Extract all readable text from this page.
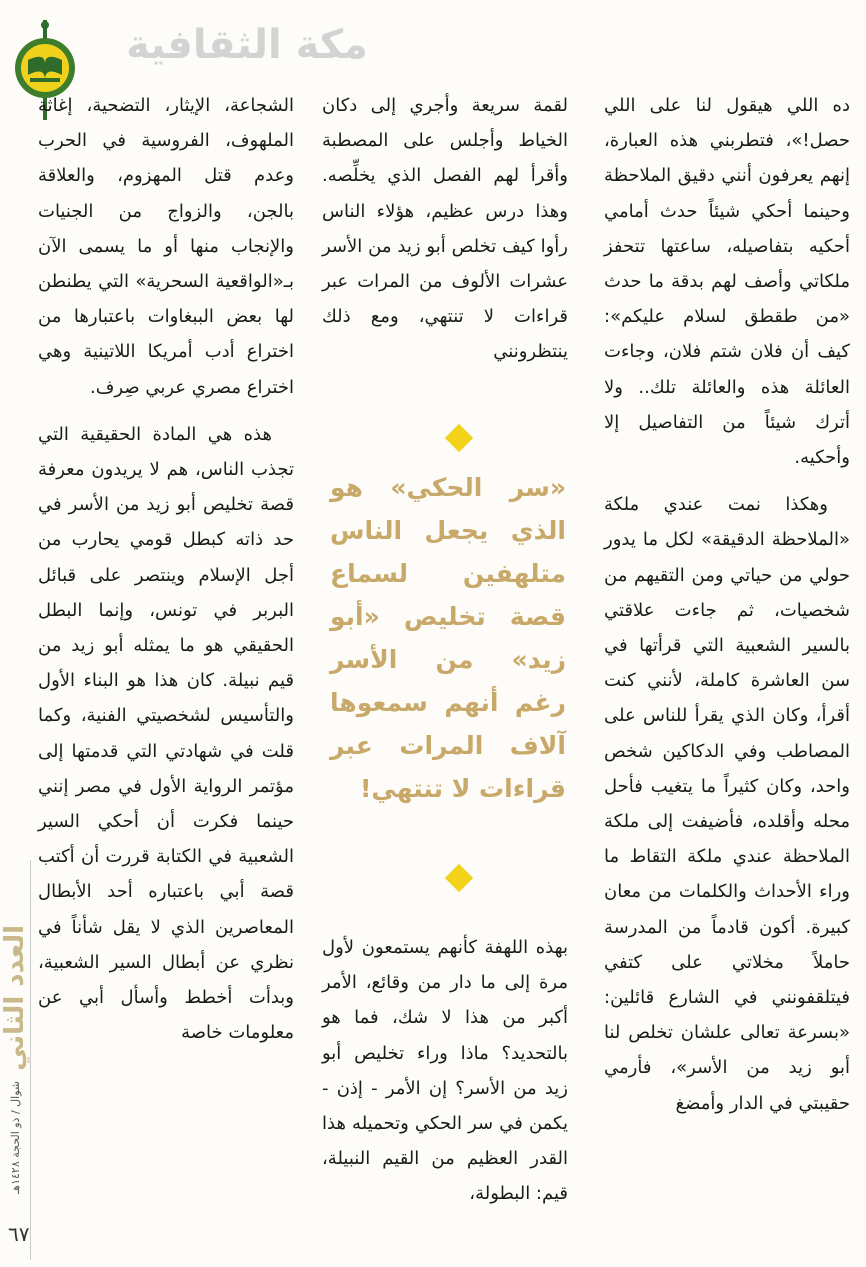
مكة الثقافية

ده اللي هيقول لنا على اللي حصل!»، فتطربني هذه العبارة، إنهم يعرفون أنني دقيق الملاحظة وحينما أحكي شيئاً حدث أمامي أحكيه بتفاصيله، ساعتها تتحفز ملكاتي وأصف لهم بدقة ما حدث «من طقطق لسلام عليكم»: كيف أن فلان شتم فلان، وجاءت العائلة هذه والعائلة تلك.. ولا أترك شيئاً من التفاصيل إلا وأحكيه.

وهكذا نمت عندي ملكة «الملاحظة الدقيقة» لكل ما يدور حولي من حياتي ومن التقيهم من شخصيات، ثم جاءت علاقتي بالسير الشعبية التي قرأتها في سن العاشرة كاملة، لأنني كنت أقرأ، وكان الذي يقرأ للناس على المصاطب وفي الدكاكين شخص واحد، وكان كثيراً ما يتغيب فأحل محله وأقلده، فأضيفت إلى ملكة الملاحظة عندي ملكة التقاط ما وراء الأحداث والكلمات من معان كبيرة. أكون قادماً من المدرسة حاملاً مخلاتي على كتفي فيتلقفونني في الشارع قائلين: «بسرعة تعالى علشان تخلص لنا أبو زيد من الأسر»، فأرمي حقيبتي في الدار وأمضغ

لقمة سريعة وأجري إلى دكان الخياط وأجلس على المصطبة وأقرأ لهم الفصل الذي يخلِّصه. وهذا درس عظيم، هؤلاء الناس رأوا كيف تخلص أبو زيد من الأسر عشرات الألوف من المرات عبر قراءات لا تنتهي، ومع ذلك ينتظرونني

«سر الحكي» هو الذي يجعل الناس متلهفين لسماع قصة تخليص «أبو زيد» من الأسر رغم أنهم سمعوها آلاف المرات عبر قراءات لا تنتهي!

بهذه اللهفة كأنهم يستمعون لأول مرة إلى ما دار من وقائع، الأمر أكبر من هذا لا شك، فما هو بالتحديد؟ ماذا وراء تخليص أبو زيد من الأسر؟ إن الأمر - إذن - يكمن في سر الحكي وتحميله هذا القدر العظيم من القيم النبيلة، قيم: البطولة،

الشجاعة، الإيثار، التضحية، إغاثة الملهوف، الفروسية في الحرب وعدم قتل المهزوم، والعلاقة بالجن، والزواج من الجنيات والإنجاب منها أو ما يسمى الآن بـ«الواقعية السحرية» التي يطنطن لها بعض الببغاوات باعتبارها من اختراع أدب أمريكا اللاتينية وهي اختراع مصري عربي صِرف.

هذه هي المادة الحقيقية التي تجذب الناس، هم لا يريدون معرفة قصة تخليص أبو زيد من الأسر في حد ذاته كبطل قومي يحارب من أجل الإسلام وينتصر على قبائل البربر في تونس، وإنما البطل الحقيقي هو ما يمثله أبو زيد من قيم نبيلة. كان هذا هو البناء الأول والتأسيس لشخصيتي الفنية، وكما قلت في شهادتي التي قدمتها إلى مؤتمر الرواية الأول في مصر إنني حينما فكرت أن أحكي السير الشعبية في الكتابة قررت أن أكتب قصة أبي باعتباره أحد الأبطال المعاصرين الذي لا يقل شأناً في نظري عن أبطال السير الشعبية، وبدأت أخطط وأسأل أبي عن معلومات خاصة

العدد الثاني
شوال / ذو الحجة ١٤٢٨هـ
٦٧
